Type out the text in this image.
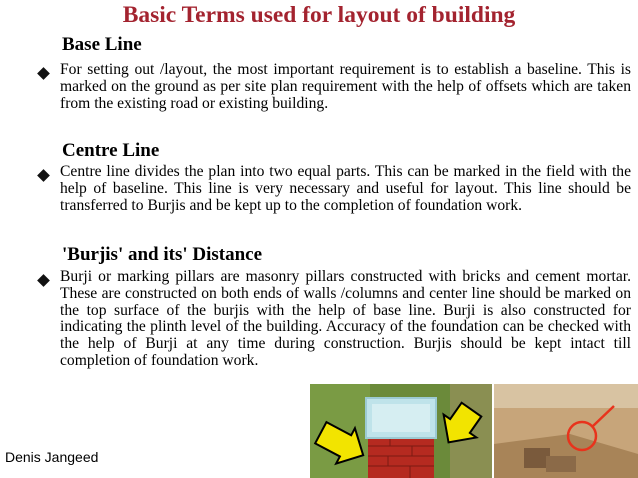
Basic Terms used for layout of building
Base Line
For setting out /layout, the most important requirement is to establish a baseline. This is marked on the ground as per site plan requirement with the help of offsets which are taken from the existing road or existing building.
Centre Line
Centre line divides the plan into two equal parts. This can be marked in the field with the help of baseline. This line is very necessary and useful for layout. This line should be transferred to Burjis and be kept up to the completion of foundation work.
'Burjis' and its' Distance
Burji or marking pillars are masonry pillars constructed with bricks and cement mortar. These are constructed on both ends of walls /columns and center line should be marked on the top surface of the burjis with the help of base line. Burji is also constructed for indicating the plinth level of the building. Accuracy of the foundation can be checked with the help of Burji at any time during construction. Burjis should be kept intact till completion of foundation work.
Denis Jangeed
